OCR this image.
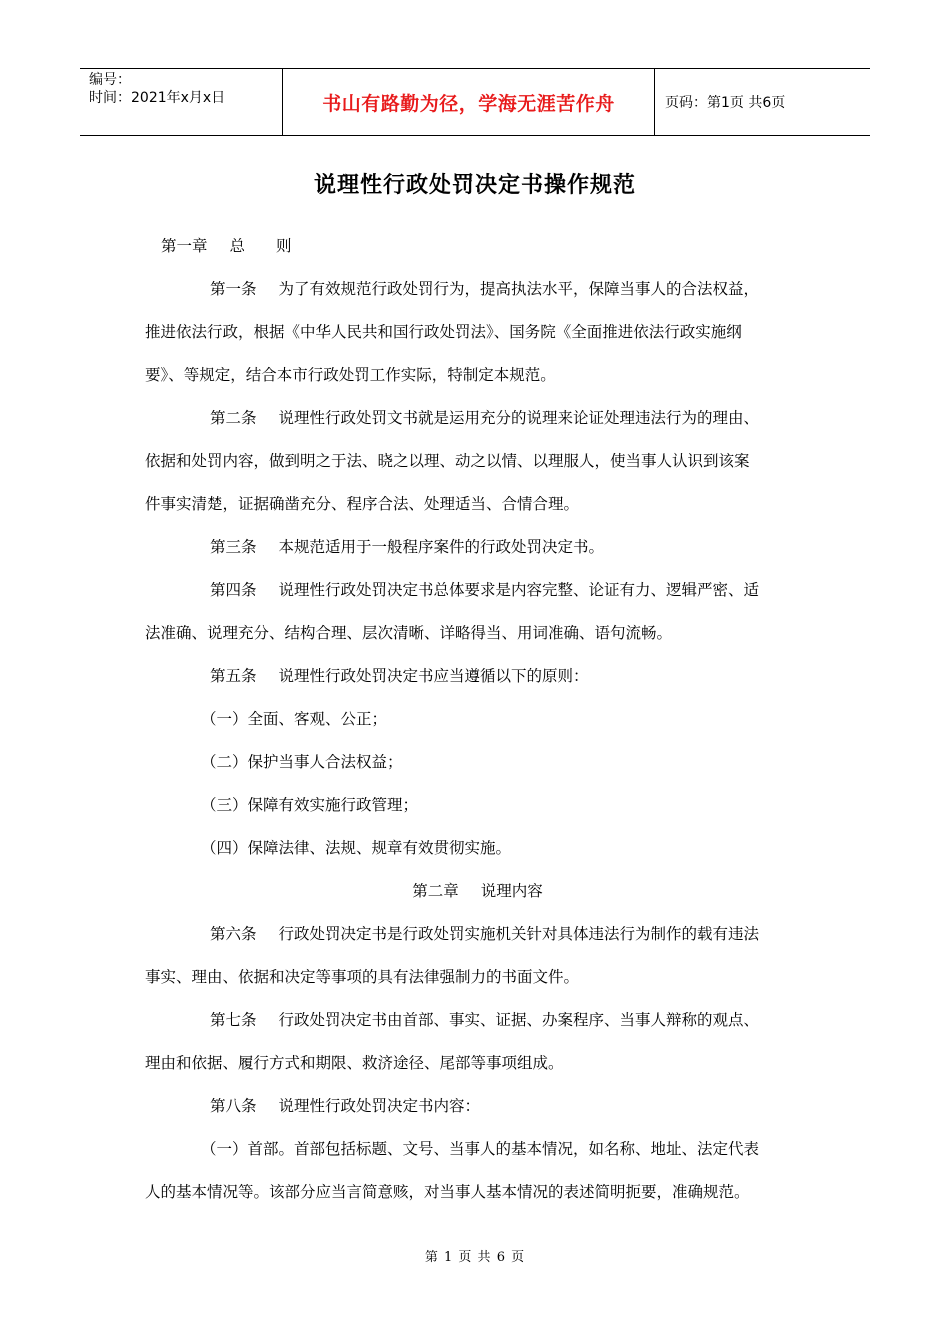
编号：
时间：2021年x月x日	书山有路勤为径，学海无涯苦作舟	页码：第1页 共6页
说理性行政处罚决定书操作规范
第一章 总　　则
第一条 为了有效规范行政处罚行为，提高执法水平，保障当事人的合法权益，
推进依法行政，根据《中华人民共和国行政处罚法》、国务院《全面推进依法行政实施纲
要》、等规定，结合本市行政处罚工作实际，特制定本规范。
第二条 说理性行政处罚文书就是运用充分的说理来论证处理违法行为的理由、
依据和处罚内容，做到明之于法、晓之以理、动之以情、以理服人，使当事人认识到该案
件事实清楚，证据确凿充分、程序合法、处理适当、合情合理。
第三条 本规范适用于一般程序案件的行政处罚决定书。
第四条 说理性行政处罚决定书总体要求是内容完整、论证有力、逻辑严密、适
法准确、说理充分、结构合理、层次清晰、详略得当、用词准确、语句流畅。
第五条 说理性行政处罚决定书应当遵循以下的原则：
（一）全面、客观、公正；
（二）保护当事人合法权益；
（三）保障有效实施行政管理；
（四）保障法律、法规、规章有效贯彻实施。
第二章 说理内容
第六条 行政处罚决定书是行政处罚实施机关针对具体违法行为制作的载有违法
事实、理由、依据和决定等事项的具有法律强制力的书面文件。
第七条 行政处罚决定书由首部、事实、证据、办案程序、当事人辩称的观点、
理由和依据、履行方式和期限、救济途径、尾部等事项组成。
第八条 说理性行政处罚决定书内容：
（一）首部。首部包括标题、文号、当事人的基本情况，如名称、地址、法定代表
人的基本情况等。该部分应当言简意赅，对当事人基本情况的表述简明扼要，准确规范。
第 1 页 共 6 页
